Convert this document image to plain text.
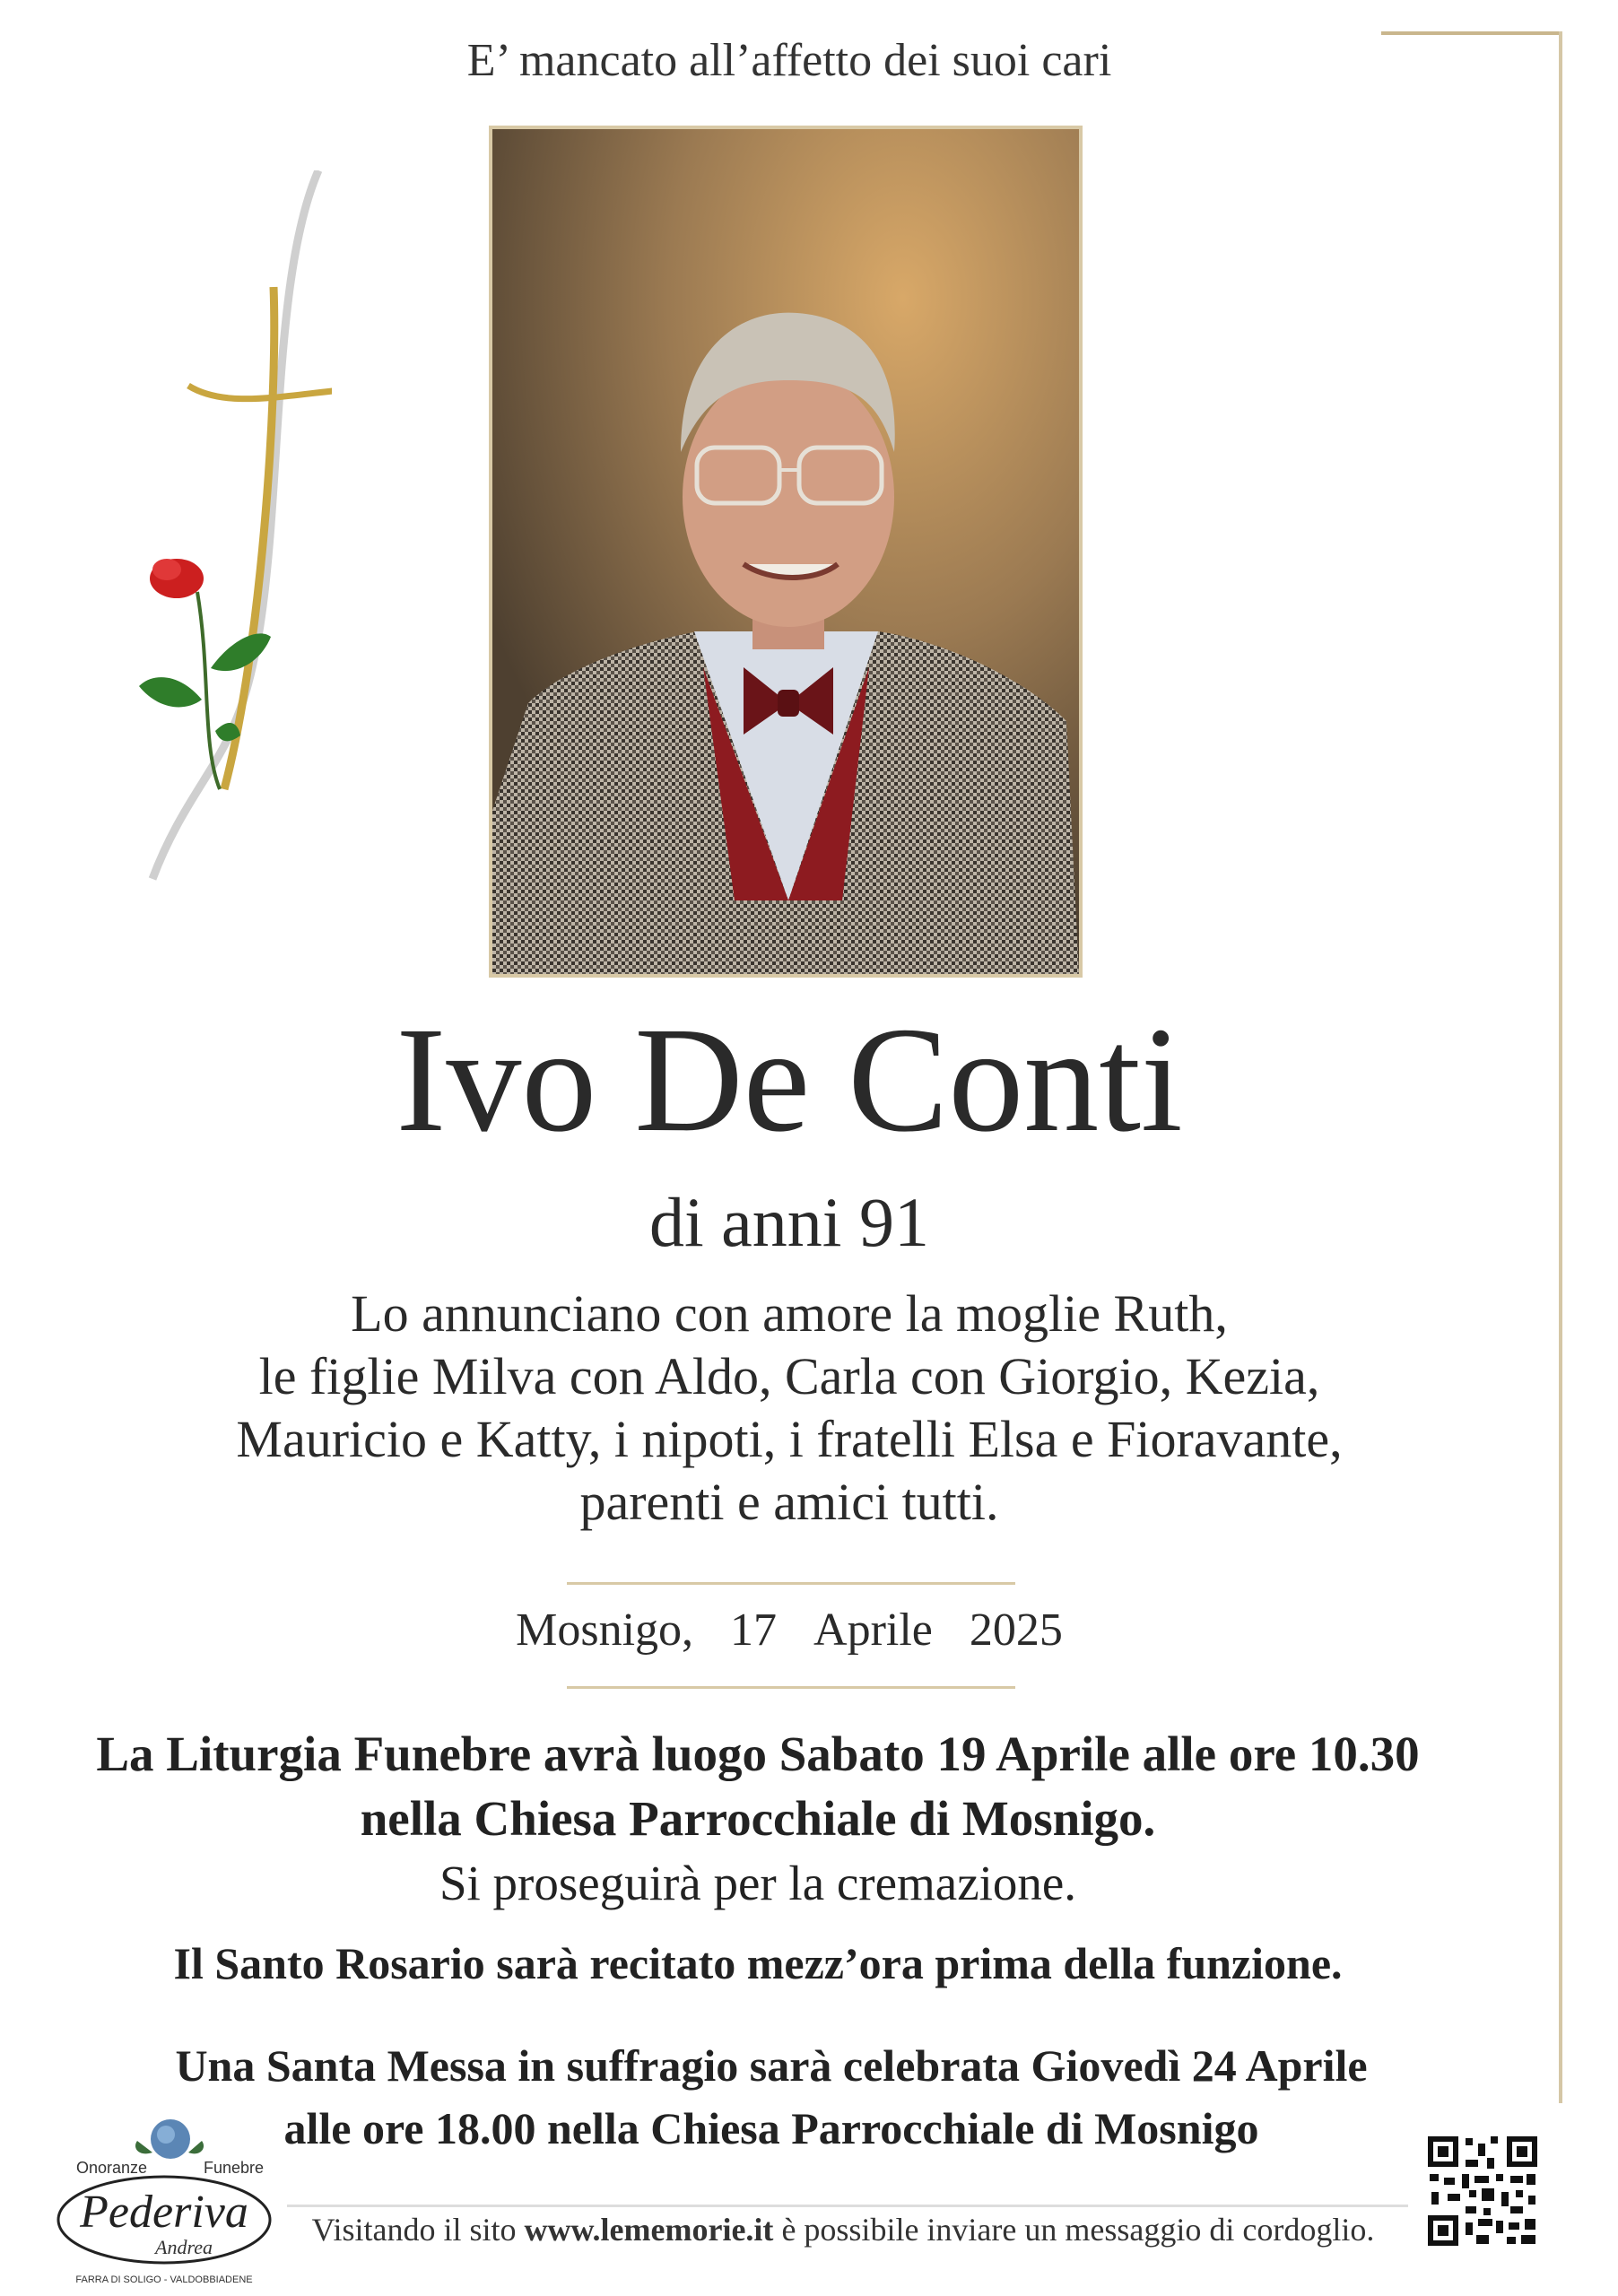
E’ mancato all’affetto dei suoi cari
Ivo De Conti
di anni 91
Lo annunciano con amore la moglie Ruth,
le figlie Milva con Aldo, Carla con Giorgio, Kezia,
Mauricio e Katty, i nipoti, i fratelli Elsa e Fioravante,
parenti e amici tutti.
Mosnigo, 17 Aprile 2025
La Liturgia Funebre avrà luogo Sabato 19 Aprile alle ore 10.30
nella Chiesa Parrocchiale di Mosnigo.
Si proseguirà per la cremazione.
Il Santo Rosario sarà recitato mezz’ora prima della funzione.
Una Santa Messa in suffragio sarà celebrata Giovedì 24 Aprile
alle ore 18.00 nella Chiesa Parrocchiale di Mosnigo
Onoranze	Funebre
Pederiva
Andrea
FARRA DI SOLIGO - VALDOBBIADENE
Visitando il sito www.lememorie.it è possibile inviare un messaggio di cordoglio.
